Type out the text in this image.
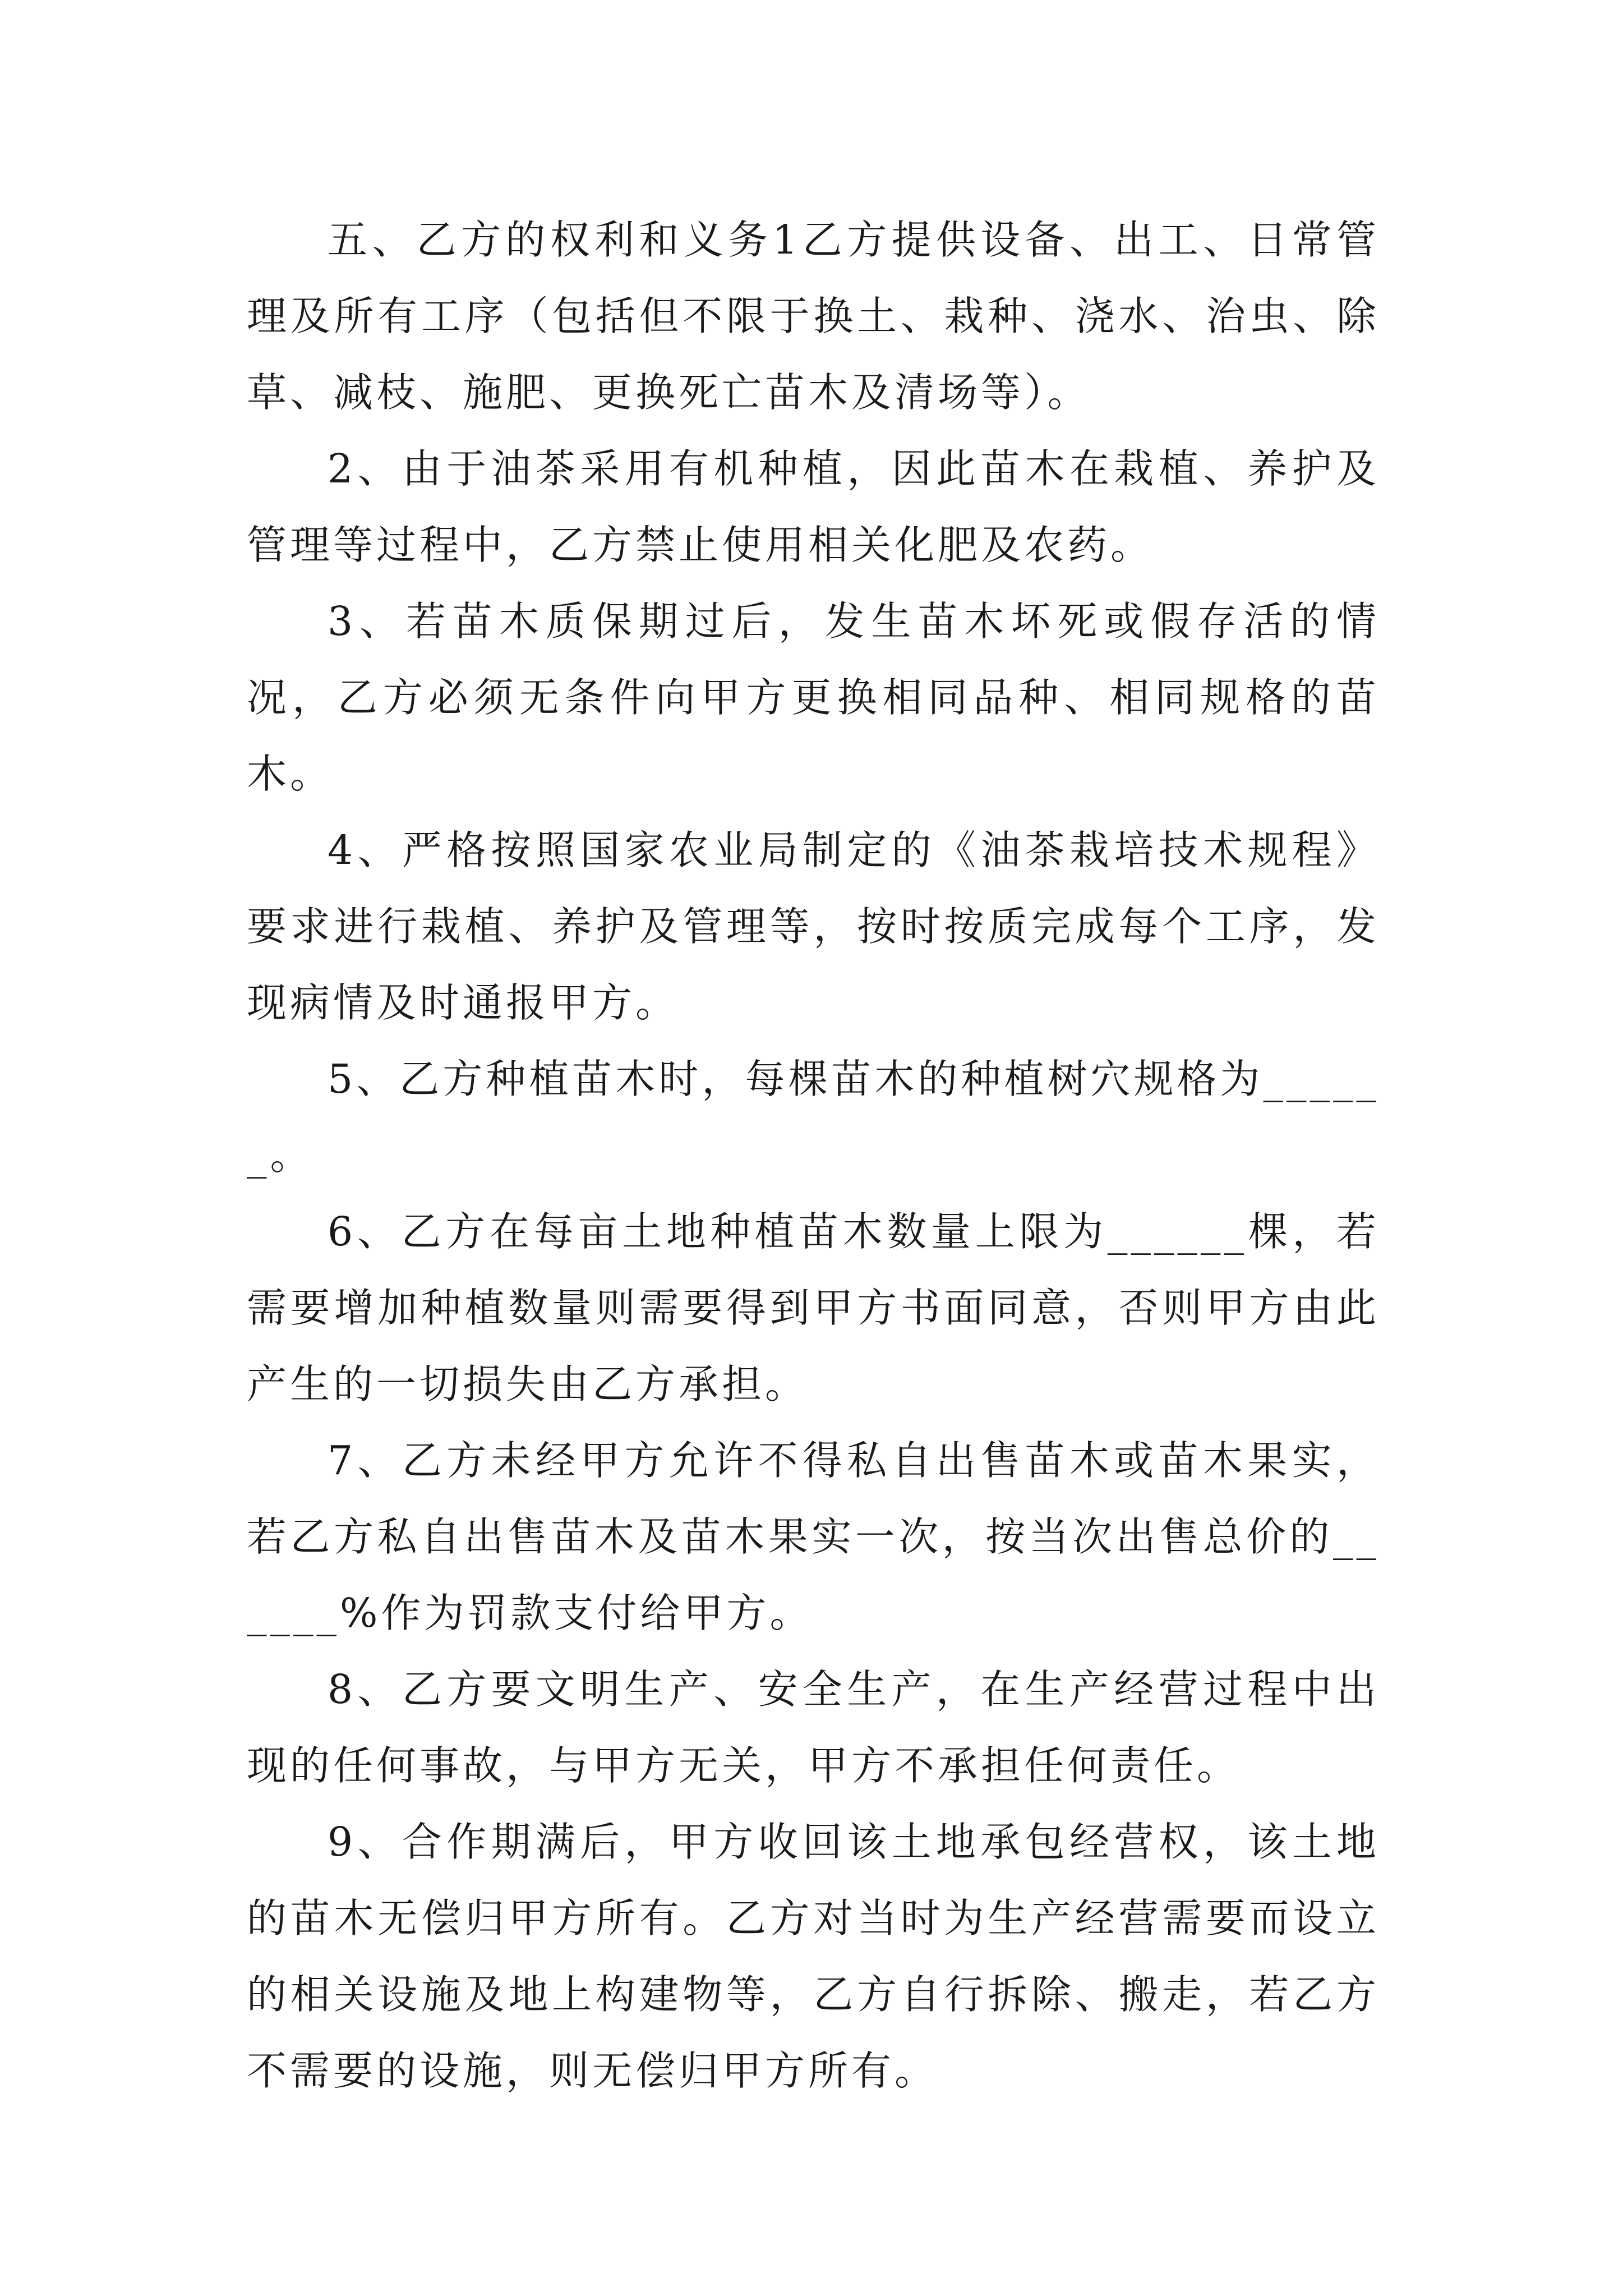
五、乙方的权利和义务1乙方提供设备、出工、日常管理及所有工序（包括但不限于换土、栽种、浇水、治虫、除草、减枝、施肥、更换死亡苗木及清场等）。

2、由于油茶采用有机种植，因此苗木在栽植、养护及管理等过程中，乙方禁止使用相关化肥及农药。

3、若苗木质保期过后，发生苗木坏死或假存活的情况，乙方必须无条件向甲方更换相同品种、相同规格的苗木。

4、严格按照国家农业局制定的《油茶栽培技术规程》要求进行栽植、养护及管理等，按时按质完成每个工序，发现病情及时通报甲方。

5、乙方种植苗木时，每棵苗木的种植树穴规格为______。

6、乙方在每亩土地种植苗木数量上限为______棵，若需要增加种植数量则需要得到甲方书面同意，否则甲方由此产生的一切损失由乙方承担。

7、乙方未经甲方允许不得私自出售苗木或苗木果实，若乙方私自出售苗木及苗木果实一次，按当次出售总价的______%作为罚款支付给甲方。

8、乙方要文明生产、安全生产，在生产经营过程中出现的任何事故，与甲方无关，甲方不承担任何责任。

9、合作期满后，甲方收回该土地承包经营权，该土地的苗木无偿归甲方所有。乙方对当时为生产经营需要而设立的相关设施及地上构建物等，乙方自行拆除、搬走，若乙方不需要的设施，则无偿归甲方所有。
